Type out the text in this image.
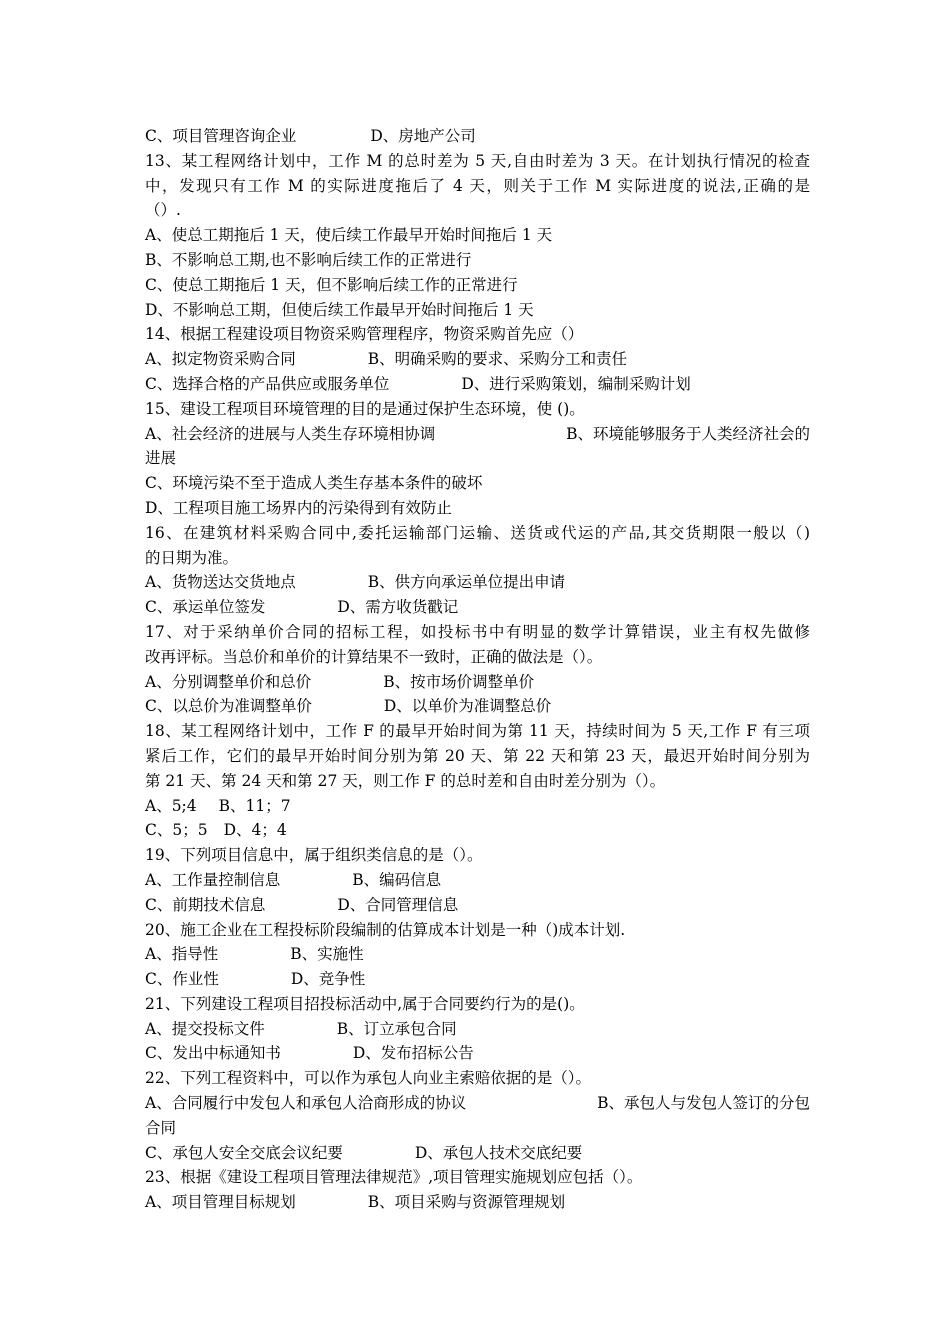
C、项目管理咨询企业	D、房地产公司
13、某工程网络计划中，工作 M 的总时差为 5 天,自由时差为 3 天。在计划执行情况的检查
中，发现只有工作 M 的实际进度拖后了 4 天，则关于工作 M 实际进度的说法,正确的是
（）.
A、使总工期拖后 1 天，使后续工作最早开始时间拖后 1 天
B、不影响总工期,也不影响后续工作的正常进行
C、使总工期拖后 1 天，但不影响后续工作的正常进行
D、不影响总工期，但使后续工作最早开始时间拖后 1 天
14、根据工程建设项目物资采购管理程序，物资采购首先应（）
A、拟定物资采购合同	B、明确采购的要求、采购分工和责任
C、选择合格的产品供应或服务单位	D、进行采购策划，编制采购计划
15、建设工程项目环境管理的目的是通过保护生态环境，使 ()。
A、社会经济的进展与人类生存环境相协调	B、环境能够服务于人类经济社会的
进展
C、环境污染不至于造成人类生存基本条件的破坏
D、工程项目施工场界内的污染得到有效防止
16、在建筑材料采购合同中,委托运输部门运输、送货或代运的产品,其交货期限一般以（)
的日期为准。
A、货物送达交货地点	B、供方向承运单位提出申请
C、承运单位签发	D、需方收货戳记
17、对于采纳单价合同的招标工程，如投标书中有明显的数学计算错误，业主有权先做修
改再评标。当总价和单价的计算结果不一致时，正确的做法是（）。
A、分别调整单价和总价	B、按市场价调整单价
C、以总价为准调整单价	D、以单价为准调整总价
18、某工程网络计划中，工作 F 的最早开始时间为第 11 天，持续时间为 5 天,工作 F 有三项
紧后工作，它们的最早开始时间分别为第 20 天、第 22 天和第 23 天，最迟开始时间分别为
第 21 天、第 24 天和第 27 天，则工作 F 的总时差和自由时差分别为（）。
A、5;4 B、11；7
C、5；5 D、4；4
19、下列项目信息中，属于组织类信息的是（）。
A、工作量控制信息	B、编码信息
C、前期技术信息	D、合同管理信息
20、施工企业在工程投标阶段编制的估算成本计划是一种（)成本计划.
A、指导性	B、实施性
C、作业性	D、竞争性
21、下列建设工程项目招投标活动中,属于合同要约行为的是()。
A、提交投标文件	B、订立承包合同
C、发出中标通知书	D、发布招标公告
22、下列工程资料中，可以作为承包人向业主索赔依据的是（）。
A、合同履行中发包人和承包人洽商形成的协议	B、承包人与发包人签订的分包
合同
C、承包人安全交底会议纪要	D、承包人技术交底纪要
23、根据《建设工程项目管理法律规范》,项目管理实施规划应包括（）。
A、项目管理目标规划	B、项目采购与资源管理规划
